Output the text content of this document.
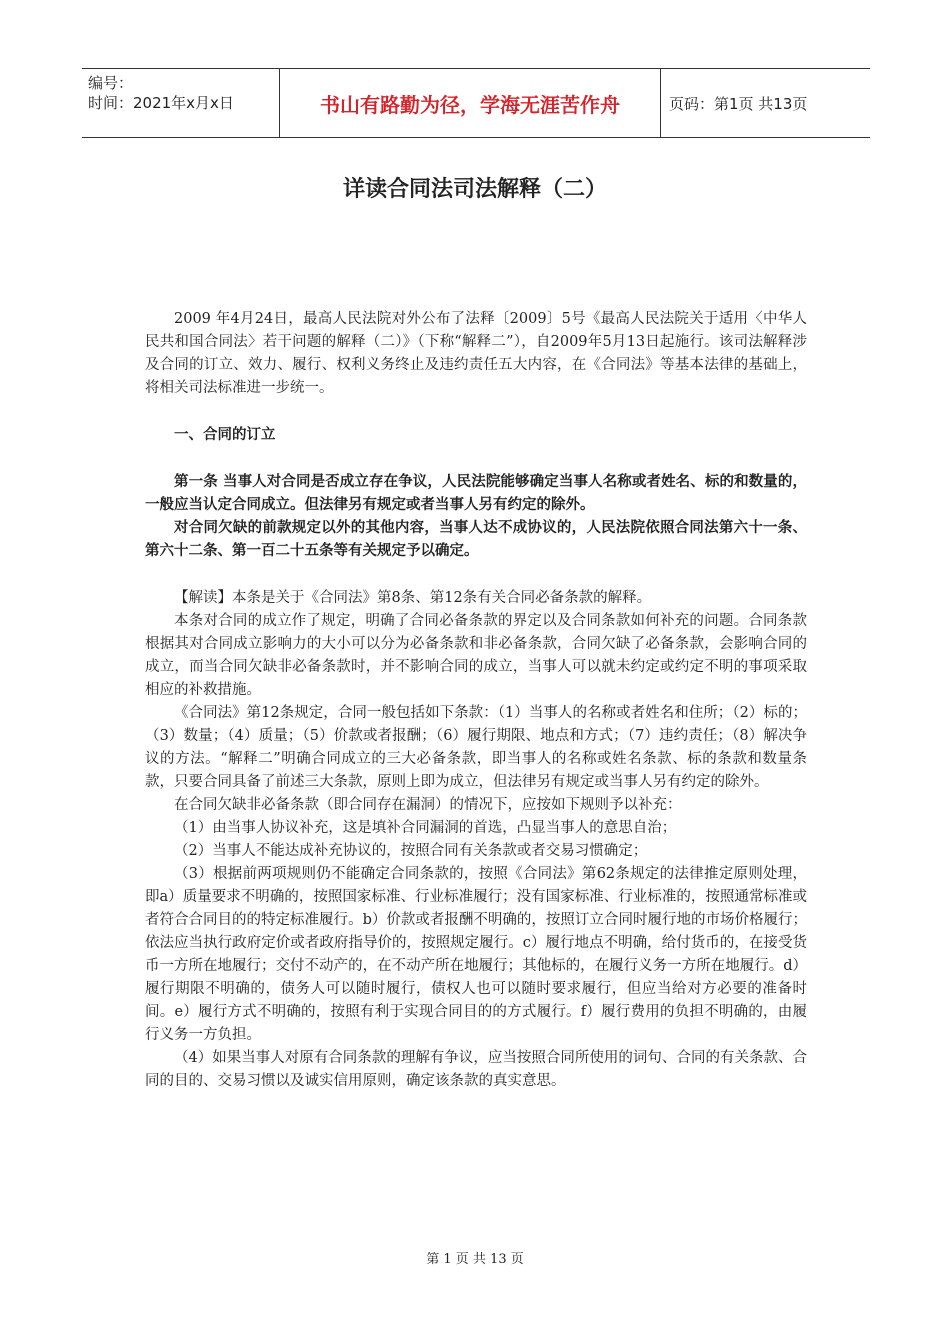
编号：
时间：2021年x月x日	书山有路勤为径，学海无涯苦作舟	页码：第1页 共13页
详读合同法司法解释（二）

2009 年4月24日，最高人民法院对外公布了法释〔2009〕5号《最高人民法院关于适用〈中华人民共和国合同法〉若干问题的解释（二）》（下称“解释二”），自2009年5月13日起施行。该司法解释涉及合同的订立、效力、履行、权利义务终止及违约责任五大内容，在《合同法》等基本法律的基础上，将相关司法标准进一步统一。

一、合同的订立

第一条 当事人对合同是否成立存在争议，人民法院能够确定当事人名称或者姓名、标的和数量的，一般应当认定合同成立。但法律另有规定或者当事人另有约定的除外。

对合同欠缺的前款规定以外的其他内容，当事人达不成协议的，人民法院依照合同法第六十一条、第六十二条、第一百二十五条等有关规定予以确定。

【解读】本条是关于《合同法》第8条、第12条有关合同必备条款的解释。

本条对合同的成立作了规定，明确了合同必备条款的界定以及合同条款如何补充的问题。合同条款根据其对合同成立影响力的大小可以分为必备条款和非必备条款，合同欠缺了必备条款，会影响合同的成立，而当合同欠缺非必备条款时，并不影响合同的成立，当事人可以就未约定或约定不明的事项采取相应的补救措施。

《合同法》第12条规定，合同一般包括如下条款：（1）当事人的名称或者姓名和住所；（2）标的；（3）数量；（4）质量；（5）价款或者报酬；（6）履行期限、地点和方式；（7）违约责任；（8）解决争议的方法。“解释二”明确合同成立的三大必备条款，即当事人的名称或姓名条款、标的条款和数量条款，只要合同具备了前述三大条款，原则上即为成立，但法律另有规定或当事人另有约定的除外。

在合同欠缺非必备条款（即合同存在漏洞）的情况下，应按如下规则予以补充：

（1）由当事人协议补充，这是填补合同漏洞的首选，凸显当事人的意思自治；

（2）当事人不能达成补充协议的，按照合同有关条款或者交易习惯确定；

（3）根据前两项规则仍不能确定合同条款的，按照《合同法》第62条规定的法律推定原则处理，即a）质量要求不明确的，按照国家标准、行业标准履行；没有国家标准、行业标准的，按照通常标准或者符合合同目的的特定标准履行。b）价款或者报酬不明确的，按照订立合同时履行地的市场价格履行；依法应当执行政府定价或者政府指导价的，按照规定履行。c）履行地点不明确，给付货币的，在接受货币一方所在地履行；交付不动产的，在不动产所在地履行；其他标的，在履行义务一方所在地履行。d）履行期限不明确的，债务人可以随时履行，债权人也可以随时要求履行，但应当给对方必要的准备时间。e）履行方式不明确的，按照有利于实现合同目的的方式履行。f）履行费用的负担不明确的，由履行义务一方负担。

（4）如果当事人对原有合同条款的理解有争议，应当按照合同所使用的词句、合同的有关条款、合同的目的、交易习惯以及诚实信用原则，确定该条款的真实意思。

第 1 页 共 13 页
